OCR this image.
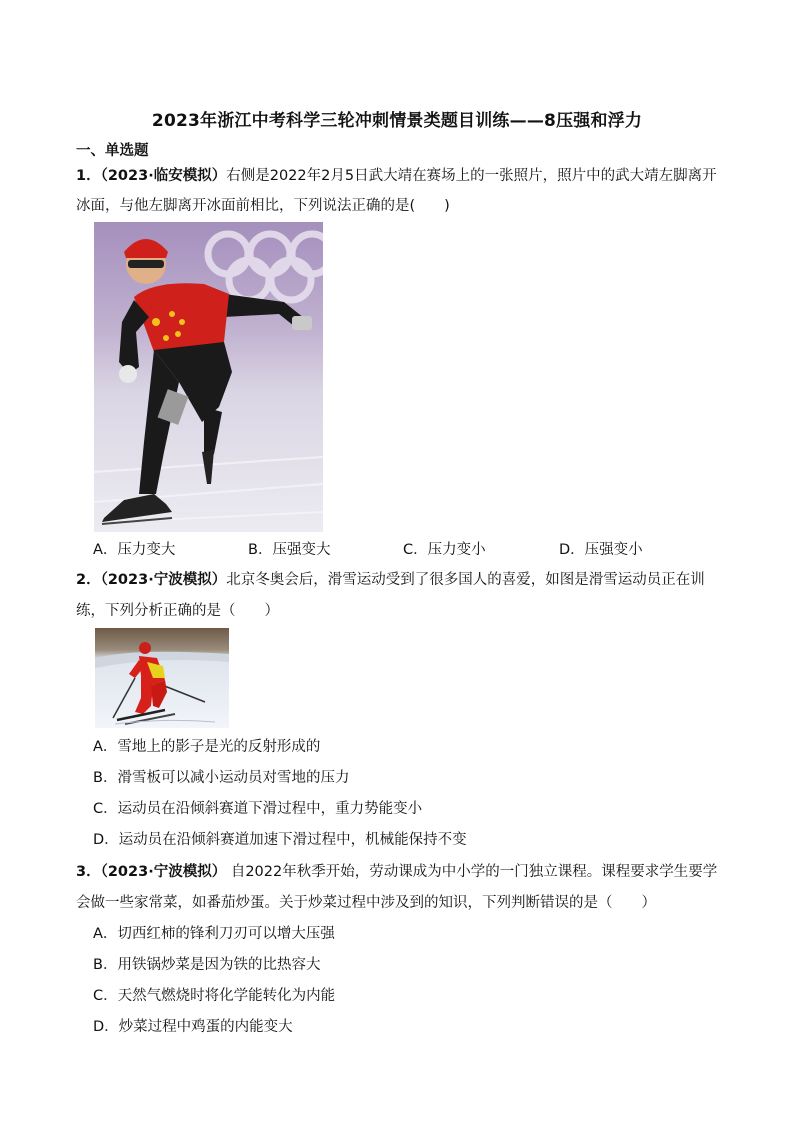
2023年浙江中考科学三轮冲刺情景类题目训练——8压强和浮力
一、单选题
1．（2023·临安模拟）右侧是2022年2月5日武大靖在赛场上的一张照片，照片中的武大靖左脚离开
冰面，与他左脚离开冰面前相比，下列说法正确的是(　　)
A．压力变大	B．压强变大	C．压力变小	D．压强变小
2．（2023·宁波模拟）北京冬奥会后，滑雪运动受到了很多国人的喜爱，如图是滑雪运动员正在训
练，下列分析正确的是（　　）
A．雪地上的影子是光的反射形成的
B．滑雪板可以减小运动员对雪地的压力
C．运动员在沿倾斜赛道下滑过程中，重力势能变小
D．运动员在沿倾斜赛道加速下滑过程中，机械能保持不变
3．（2023·宁波模拟） 自2022年秋季开始，劳动课成为中小学的一门独立课程。课程要求学生要学
会做一些家常菜，如番茄炒蛋。关于炒菜过程中涉及到的知识，下列判断错误的是（　　）
A．切西红柿的锋利刀刃可以增大压强
B．用铁锅炒菜是因为铁的比热容大
C．天然气燃烧时将化学能转化为内能
D．炒菜过程中鸡蛋的内能变大
